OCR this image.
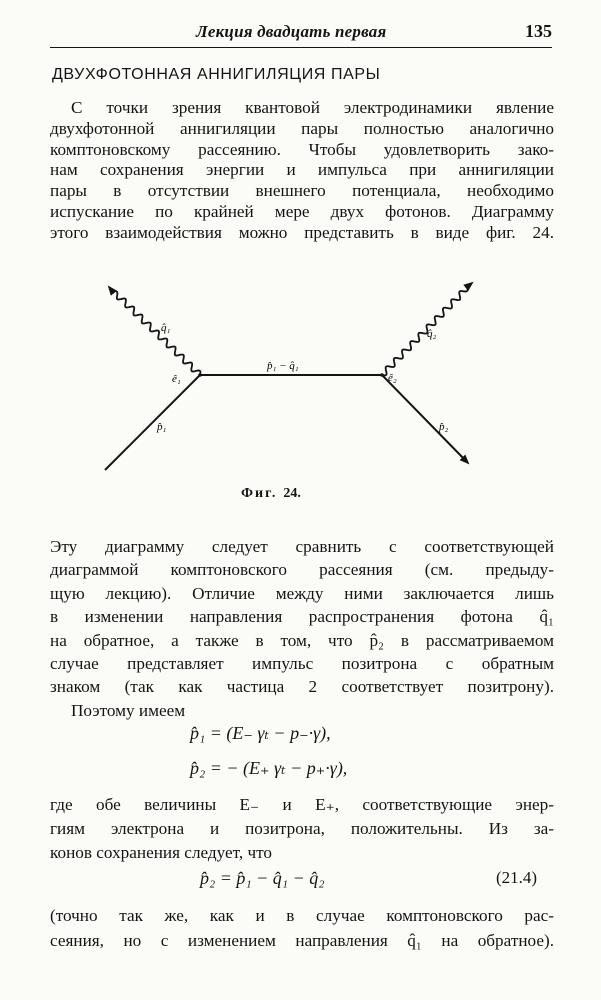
Лекция двадцать первая	135
ДВУХФОТОННАЯ АННИГИЛЯЦИЯ ПАРЫ
С точки зрения квантовой электродинамики явление
двухфотонной аннигиляции пары полностью аналогично
комптоновскому рассеянию. Чтобы удовлетворить зако-
нам сохранения энергии и импульса при аннигиляции
пары в отсутствии внешнего потенциала, необходимо
испускание по крайней мере двух фотонов. Диаграмму
этого взаимодействия можно представить в виде фиг. 24.
q̂₁
ê₁
p̂₁
p̂₁ − q̂₁
q̂₂
ê₂
p̂₂
Фиг. 24.
Эту диаграмму следует сравнить с соответствующей
диаграммой комптоновского рассеяния (см. предыду-
щую лекцию). Отличие между ними заключается лишь
в изменении направления распространения фотона q̂₁
на обратное, а также в том, что p̂₂ в рассматриваемом
случае представляет импульс позитрона с обратным
знаком (так как частица 2 соответствует позитрону).
Поэтому имеем
p̂₁ = (E₋ γₜ − p₋·γ),
p̂₂ = − (E₊ γₜ − p₊·γ),
где обе величины E₋ и E₊, соответствующие энер-
гиям электрона и позитрона, положительны. Из за-
конов сохранения следует, что
p̂₂ = p̂₁ − q̂₁ − q̂₂	(21.4)
(точно так же, как и в случае комптоновского рас-
сеяния, но с изменением направления q̂₁ на обратное).
